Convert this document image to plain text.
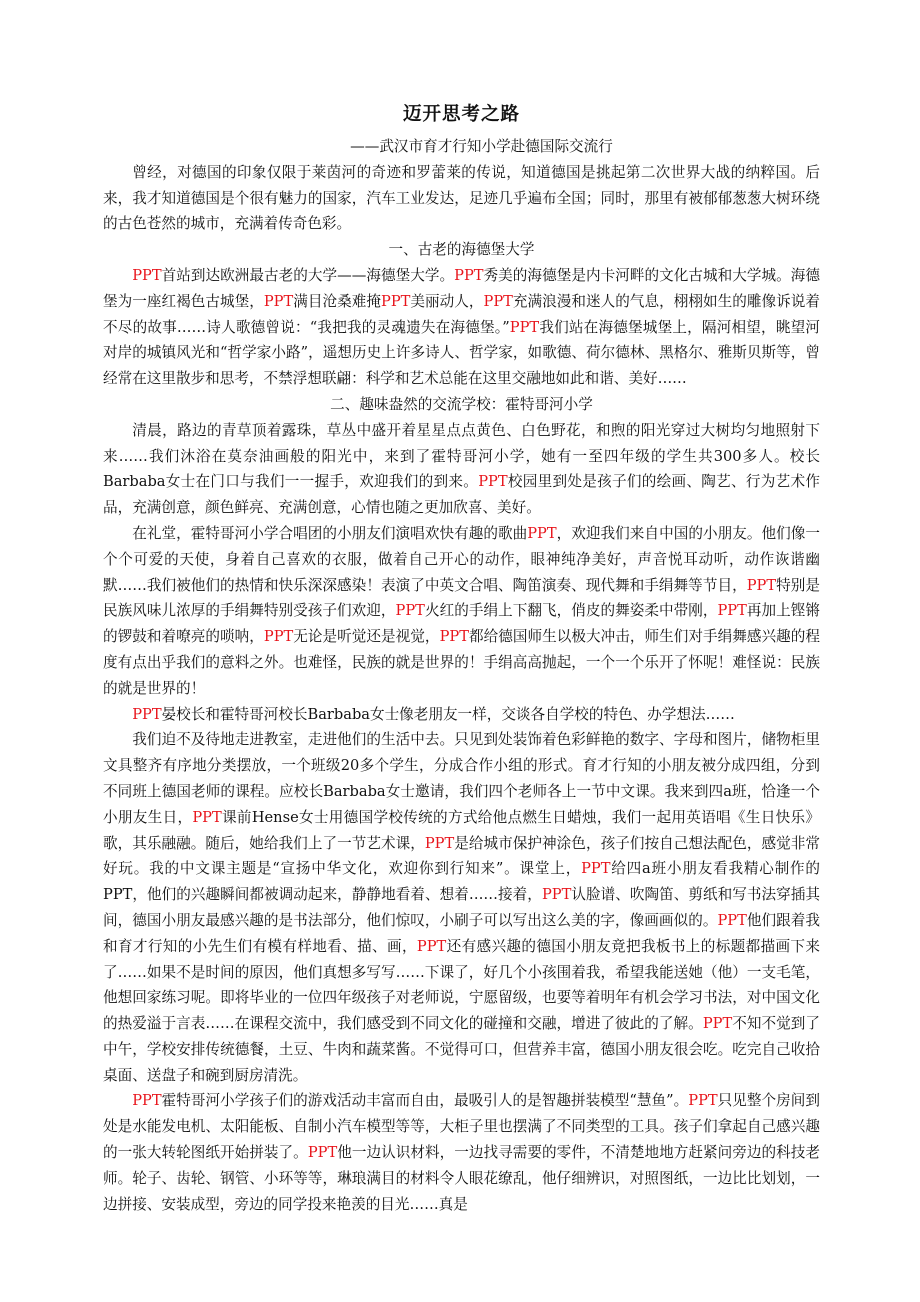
迈开思考之路
——武汉市育才行知小学赴德国际交流行

曾经，对德国的印象仅限于莱茵河的奇迹和罗蕾莱的传说，知道德国是挑起第二次世界大战的纳粹国。后来，我才知道德国是个很有魅力的国家，汽车工业发达，足迹几乎遍布全国；同时，那里有被郁郁葱葱大树环绕的古色苍然的城市，充满着传奇色彩。

一、古老的海德堡大学

PPT首站到达欧洲最古老的大学——海德堡大学。PPT秀美的海德堡是内卡河畔的文化古城和大学城。海德堡为一座红褐色古城堡，PPT满目沧桑难掩PPT美丽动人，PPT充满浪漫和迷人的气息，栩栩如生的雕像诉说着不尽的故事……诗人歌德曾说：“我把我的灵魂遗失在海德堡。”PPT我们站在海德堡城堡上，隔河相望，眺望河对岸的城镇风光和“哲学家小路”，遥想历史上许多诗人、哲学家，如歌德、荷尔德林、黑格尔、雅斯贝斯等，曾经常在这里散步和思考，不禁浮想联翩：科学和艺术总能在这里交融地如此和谐、美好……

二、趣味盎然的交流学校：霍特哥河小学

清晨，路边的青草顶着露珠，草丛中盛开着星星点点黄色、白色野花，和煦的阳光穿过大树均匀地照射下来……我们沐浴在莫奈油画般的阳光中，来到了霍特哥河小学，她有一至四年级的学生共300多人。校长Barbaba女士在门口与我们一一握手，欢迎我们的到来。PPT校园里到处是孩子们的绘画、陶艺、行为艺术作品，充满创意，颜色鲜亮、充满创意，心情也随之更加欣喜、美好。

在礼堂，霍特哥河小学合唱团的小朋友们演唱欢快有趣的歌曲PPT，欢迎我们来自中国的小朋友。他们像一个个可爱的天使，身着自己喜欢的衣服，做着自己开心的动作，眼神纯净美好，声音悦耳动听，动作诙谐幽默……我们被他们的热情和快乐深深感染！表演了中英文合唱、陶笛演奏、现代舞和手绢舞等节目，PPT特别是民族风味儿浓厚的手绢舞特别受孩子们欢迎，PPT火红的手绢上下翻飞，俏皮的舞姿柔中带刚，PPT再加上铿锵的锣鼓和着嘹亮的唢呐，PPT无论是听觉还是视觉，PPT都给德国师生以极大冲击，师生们对手绢舞感兴趣的程度有点出乎我们的意料之外。也难怪，民族的就是世界的！手绢高高抛起，一个一个乐开了怀呢！难怪说：民族的就是世界的！

PPT晏校长和霍特哥河校长Barbaba女士像老朋友一样，交谈各自学校的特色、办学想法……

我们迫不及待地走进教室，走进他们的生活中去。只见到处装饰着色彩鲜艳的数字、字母和图片，储物柜里文具整齐有序地分类摆放，一个班级20多个学生，分成合作小组的形式。育才行知的小朋友被分成四组，分到不同班上德国老师的课程。应校长Barbaba女士邀请，我们四个老师各上一节中文课。我来到四a班，恰逢一个小朋友生日，PPT课前Hense女士用德国学校传统的方式给他点燃生日蜡烛，我们一起用英语唱《生日快乐》歌，其乐融融。随后，她给我们上了一节艺术课，PPT是给城市保护神涂色，孩子们按自己想法配色，感觉非常好玩。我的中文课主题是“宣扬中华文化，欢迎你到行知来”。课堂上，PPT给四a班小朋友看我精心制作的PPT，他们的兴趣瞬间都被调动起来，静静地看着、想着……接着，PPT认脸谱、吹陶笛、剪纸和写书法穿插其间，德国小朋友最感兴趣的是书法部分，他们惊叹，小刷子可以写出这么美的字，像画画似的。PPT他们跟着我和育才行知的小先生们有模有样地看、描、画，PPT还有感兴趣的德国小朋友竟把我板书上的标题都描画下来了……如果不是时间的原因，他们真想多写写……下课了，好几个小孩围着我，希望我能送她（他）一支毛笔，他想回家练习呢。即将毕业的一位四年级孩子对老师说，宁愿留级，也要等着明年有机会学习书法，对中国文化的热爱溢于言表……在课程交流中，我们感受到不同文化的碰撞和交融，增进了彼此的了解。PPT不知不觉到了中午，学校安排传统德餐，土豆、牛肉和蔬菜酱。不觉得可口，但营养丰富，德国小朋友很会吃。吃完自己收拾桌面、送盘子和碗到厨房清洗。

PPT霍特哥河小学孩子们的游戏活动丰富而自由，最吸引人的是智趣拼装模型“慧鱼”。PPT只见整个房间到处是水能发电机、太阳能板、自制小汽车模型等等，大柜子里也摆满了不同类型的工具。孩子们拿起自己感兴趣的一张大转轮图纸开始拼装了。PPT他一边认识材料，一边找寻需要的零件，不清楚地地方赶紧问旁边的科技老师。轮子、齿轮、钢管、小环等等，琳琅满目的材料令人眼花缭乱，他仔细辨识，对照图纸，一边比比划划，一边拼接、安装成型，旁边的同学投来艳羡的目光……真是
